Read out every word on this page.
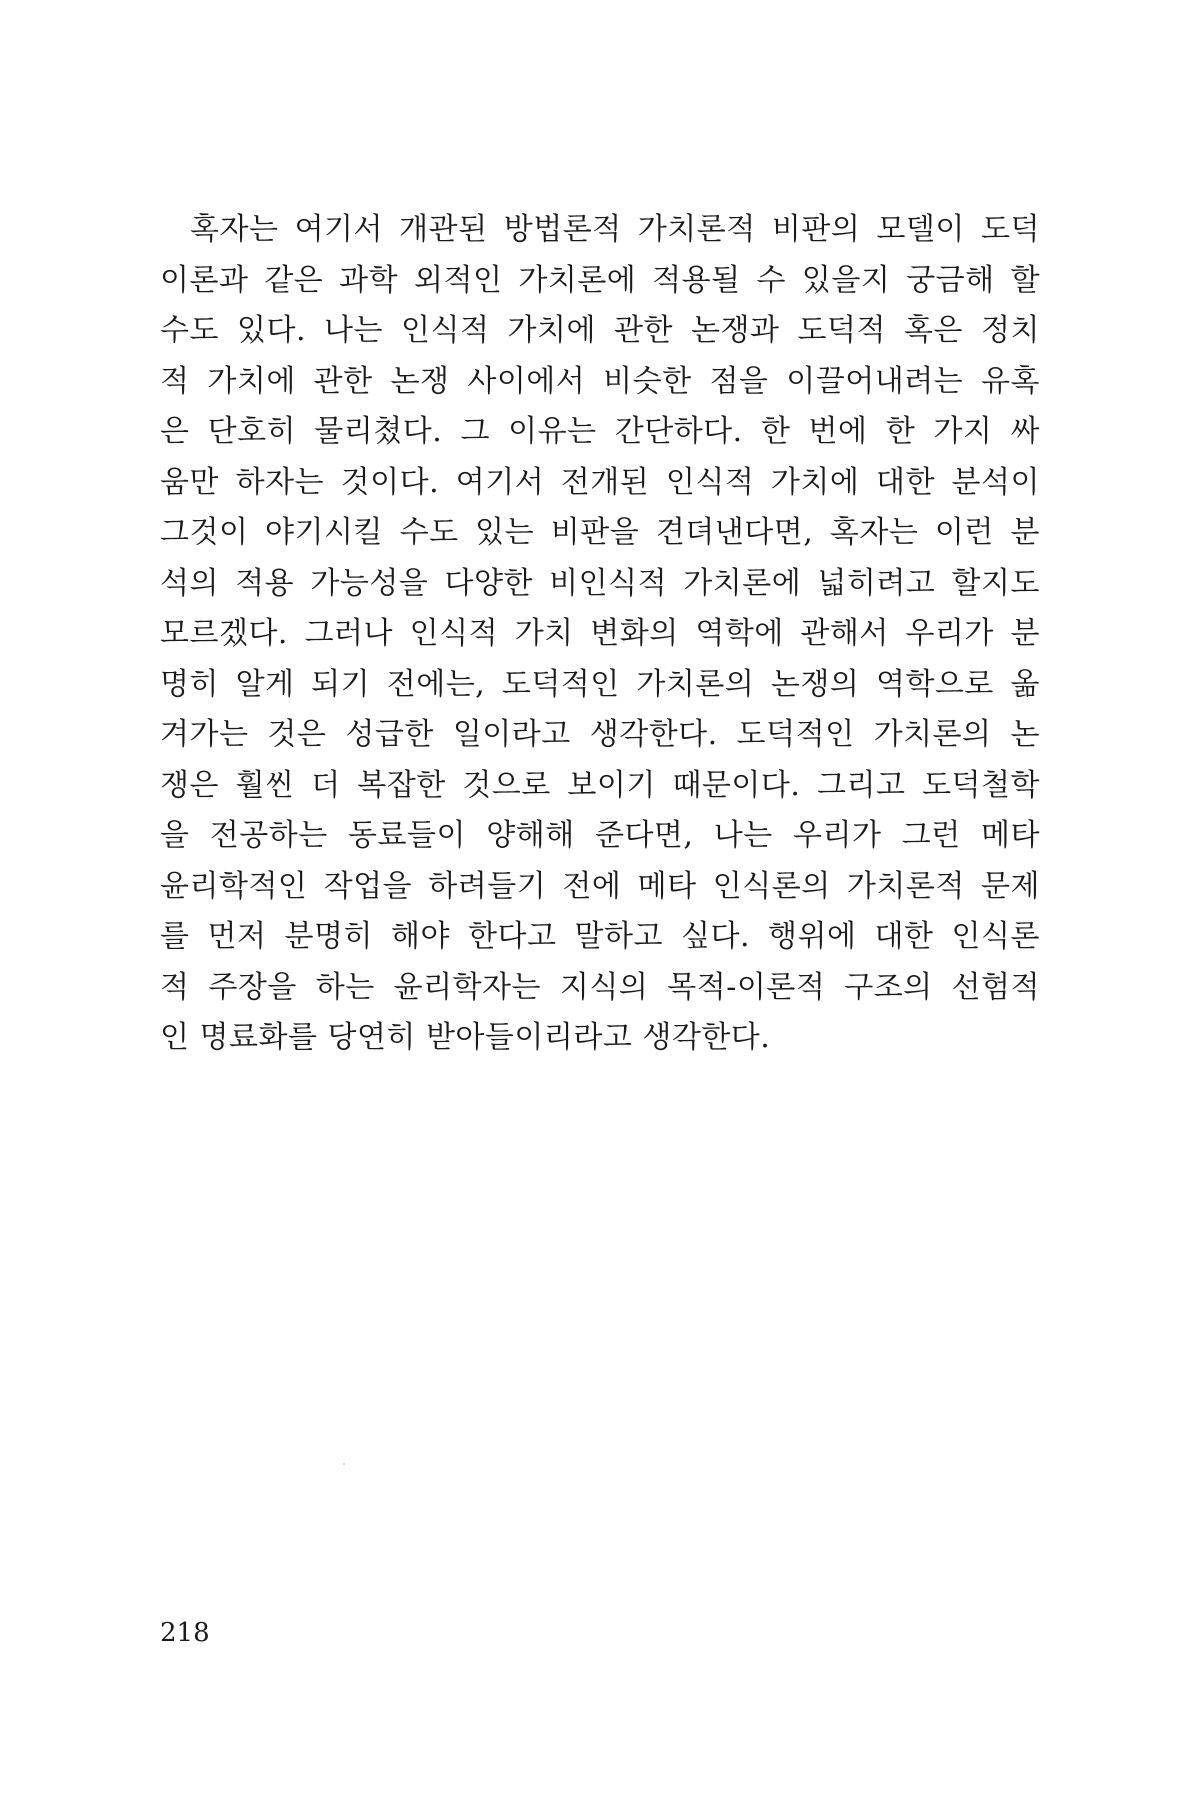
혹자는 여기서 개관된 방법론적 가치론적 비판의 모델이 도덕
이론과 같은 과학 외적인 가치론에 적용될 수 있을지 궁금해 할
수도 있다. 나는 인식적 가치에 관한 논쟁과 도덕적 혹은 정치
적 가치에 관한 논쟁 사이에서 비슷한 점을 이끌어내려는 유혹
은 단호히 물리쳤다. 그 이유는 간단하다. 한 번에 한 가지 싸
움만 하자는 것이다. 여기서 전개된 인식적 가치에 대한 분석이
그것이 야기시킬 수도 있는 비판을 견뎌낸다면, 혹자는 이런 분
석의 적용 가능성을 다양한 비인식적 가치론에 넓히려고 할지도
모르겠다. 그러나 인식적 가치 변화의 역학에 관해서 우리가 분
명히 알게 되기 전에는, 도덕적인 가치론의 논쟁의 역학으로 옮
겨가는 것은 성급한 일이라고 생각한다. 도덕적인 가치론의 논
쟁은 훨씬 더 복잡한 것으로 보이기 때문이다. 그리고 도덕철학
을 전공하는 동료들이 양해해 준다면, 나는 우리가 그런 메타
윤리학적인 작업을 하려들기 전에 메타 인식론의 가치론적 문제
를 먼저 분명히 해야 한다고 말하고 싶다. 행위에 대한 인식론
적 주장을 하는 윤리학자는 지식의 목적-이론적 구조의 선험적
인 명료화를 당연히 받아들이리라고 생각한다.
218
